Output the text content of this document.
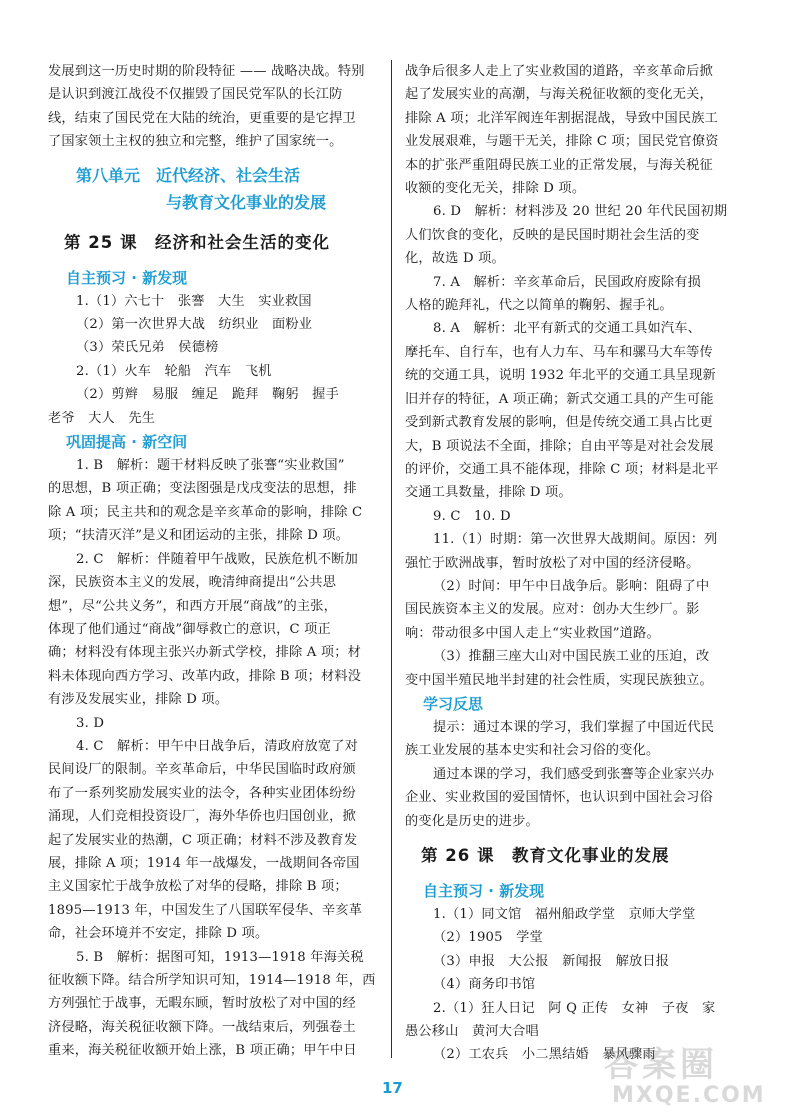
发展到这一历史时期的阶段特征 —— 战略决战。特别

是认识到渡江战役不仅摧毁了国民党军队的长江防

线，结束了国民党在大陆的统治，更重要的是它捍卫

了国家领土主权的独立和完整，维护了国家统一。

第八单元　近代经济、社会生活
与教育文化事业的发展
第 25 课　经济和社会生活的变化
自主预习 · 新发现

1.（1）六七十　张謇　大生　实业救国

（2）第一次世界大战　纺织业　面粉业

（3）荣氏兄弟　侯德榜

2.（1）火车　轮船　汽车　飞机

（2）剪辫　易服　缠足　跪拜　鞠躬　握手

老爷　大人　先生

巩固提高 · 新空间

1. B　解析：题干材料反映了张謇“实业救国”

的思想，B 项正确；变法图强是戊戌变法的思想，排

除 A 项；民主共和的观念是辛亥革命的影响，排除 C

项；“扶清灭洋”是义和团运动的主张，排除 D 项。

2. C　解析：伴随着甲午战败，民族危机不断加

深，民族资本主义的发展，晚清绅商提出“公共思

想”，尽“公共义务”，和西方开展“商战”的主张，

体现了他们通过“商战”御辱救亡的意识，C 项正

确；材料没有体现主张兴办新式学校，排除 A 项；材

料未体现向西方学习、改革内政，排除 B 项；材料没

有涉及发展实业，排除 D 项。

3. D

4. C　解析：甲午中日战争后，清政府放宽了对

民间设厂的限制。辛亥革命后，中华民国临时政府颁

布了一系列奖励发展实业的法令，各种实业团体纷纷

涌现，人们竞相投资设厂，海外华侨也归国创业，掀

起了发展实业的热潮，C 项正确；材料不涉及教育发

展，排除 A 项；1914 年一战爆发，一战期间各帝国

主义国家忙于战争放松了对华的侵略，排除 B 项；

1895—1913 年，中国发生了八国联军侵华、辛亥革

命，社会环境并不安定，排除 D 项。

5. B　解析：据图可知，1913—1918 年海关税

征收额下降。结合所学知识可知，1914—1918 年，西

方列强忙于战事，无暇东顾，暂时放松了对中国的经

济侵略，海关税征收额下降。一战结束后，列强卷土

重来，海关税征收额开始上涨，B 项正确；甲午中日

战争后很多人走上了实业救国的道路，辛亥革命后掀

起了发展实业的高潮，与海关税征收额的变化无关，

排除 A 项；北洋军阀连年割据混战，导致中国民族工

业发展艰难，与题干无关，排除 C 项；国民党官僚资

本的扩张严重阻碍民族工业的正常发展，与海关税征

收额的变化无关，排除 D 项。

6. D　解析：材料涉及 20 世纪 20 年代民国初期

人们饮食的变化，反映的是民国时期社会生活的变

化，故选 D 项。

7. A　解析：辛亥革命后，民国政府废除有损

人格的跪拜礼，代之以简单的鞠躬、握手礼。

8. A　解析：北平有新式的交通工具如汽车、

摩托车、自行车，也有人力车、马车和骡马大车等传

统的交通工具，说明 1932 年北平的交通工具呈现新

旧并存的特征，A 项正确；新式交通工具的产生可能

受到新式教育发展的影响，但是传统交通工具占比更

大，B 项说法不全面，排除；自由平等是对社会发展

的评价，交通工具不能体现，排除 C 项；材料是北平

交通工具数量，排除 D 项。

9. C　10. D

11.（1）时期：第一次世界大战期间。原因：列

强忙于欧洲战事，暂时放松了对中国的经济侵略。

（2）时间：甲午中日战争后。影响：阻碍了中

国民族资本主义的发展。应对：创办大生纱厂。影

响：带动很多中国人走上“实业救国”道路。

（3）推翻三座大山对中国民族工业的压迫，改

变中国半殖民地半封建的社会性质，实现民族独立。

学习反思

提示：通过本课的学习，我们掌握了中国近代民

族工业发展的基本史实和社会习俗的变化。

通过本课的学习，我们感受到张謇等企业家兴办

企业、实业救国的爱国情怀，也认识到中国社会习俗

的变化是历史的进步。

第 26 课　教育文化事业的发展
自主预习 · 新发现

1.（1）同文馆　福州船政学堂　京师大学堂

（2）1905　学堂

（3）申报　大公报　新闻报　解放日报

（4）商务印书馆

2.（1）狂人日记　阿 Q 正传　女神　子夜　家

愚公移山　黄河大合唱

（2）工农兵　小二黑结婚　暴风骤雨

17
答案圈
MXQE.COM
